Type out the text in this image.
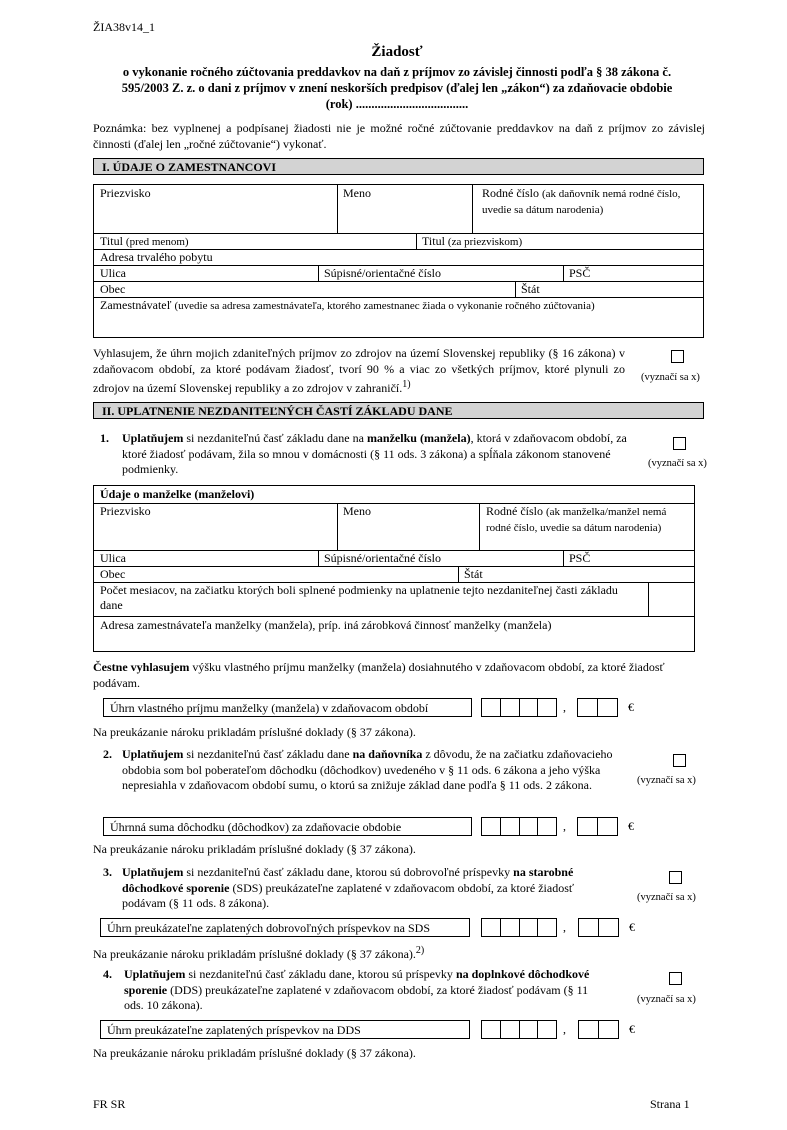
ŽIA38v14_1
Žiadosť
o vykonanie ročného zúčtovania preddavkov na daň z príjmov zo závislej činnosti podľa § 38 zákona č.
595/2003 Z. z. o dani z príjmov v znení neskorších predpisov (ďalej len „zákon“) za zdaňovacie obdobie
(rok) ....................................
Poznámka: bez vyplnenej a podpísanej žiadosti nie je možné ročné zúčtovanie preddavkov na daň z príjmov zo závislej činnosti (ďalej len „ročné zúčtovanie“) vykonať.
I. ÚDAJE O ZAMESTNANCOVI
Priezvisko	Meno	Rodné číslo (ak daňovník nemá rodné číslo, uvedie sa dátum narodenia)
Titul (pred menom)	Titul (za priezviskom)
Adresa trvalého pobytu
Ulica	Súpisné/orientačné číslo	PSČ
Obec	Štát
Zamestnávateľ (uvedie sa adresa zamestnávateľa, ktorého zamestnanec žiada o vykonanie ročného zúčtovania)
Vyhlasujem, že úhrn mojich zdaniteľných príjmov zo zdrojov na území Slovenskej republiky (§ 16 zákona) v zdaňovacom období, za ktoré podávam žiadosť, tvorí 90 % a viac zo všetkých príjmov, ktoré plynuli zo zdrojov na území Slovenskej republiky a zo zdrojov v zahraničí.$^{1)}$
(vyznačí sa x)
II. UPLATNENIE NEZDANITEĽNÝCH ČASTÍ ZÁKLADU DANE
1.	Uplatňujem si nezdaniteľnú časť základu dane na manželku (manžela), ktorá v zdaňovacom období, za ktoré žiadosť podávam, žila so mnou v domácnosti (§ 11 ods. 3 zákona) a spĺňala zákonom stanovené podmienky.	(vyznačí sa x)
Údaje o manželke (manželovi)
Priezvisko	Meno	Rodné číslo (ak manželka/manžel nemá rodné číslo, uvedie sa dátum narodenia)
Ulica	Súpisné/orientačné číslo	PSČ
Obec	Štát
Počet mesiacov, na začiatku ktorých boli splnené podmienky na uplatnenie tejto nezdaniteľnej časti základu dane
Adresa zamestnávateľa manželky (manžela), príp. iná zárobková činnosť manželky (manžela)
Čestne vyhlasujem výšku vlastného príjmu manželky (manžela) dosiahnutého v zdaňovacom období, za ktoré žiadosť podávam.
Úhrn vlastného príjmu manželky (manžela) v zdaňovacom období	,	€
Na preukázanie nároku prikladám príslušné doklady (§ 37 zákona).
2. Uplatňujem si nezdaniteľnú časť základu dane na daňovníka z dôvodu, že na začiatku zdaňovacieho obdobia som bol poberateľom dôchodku (dôchodkov) uvedeného v § 11 ods. 6 zákona a jeho výška nepresiahla v zdaňovacom období sumu, o ktorú sa znižuje základ dane podľa § 11 ods. 2 zákona.	(vyznačí sa x)
Úhrnná suma dôchodku (dôchodkov) za zdaňovacie obdobie	,	€
Na preukázanie nároku prikladám príslušné doklady (§ 37 zákona).
3. Uplatňujem si nezdaniteľnú časť základu dane, ktorou sú dobrovoľné príspevky na starobné dôchodkové sporenie (SDS) preukázateľne zaplatené v zdaňovacom období, za ktoré žiadosť podávam (§ 11 ods. 8 zákona).	(vyznačí sa x)
Úhrn preukázateľne zaplatených dobrovoľných príspevkov na SDS	,	€
Na preukázanie nároku prikladám príslušné doklady (§ 37 zákona).$^{2)}$
4.	Uplatňujem si nezdaniteľnú časť základu dane, ktorou sú príspevky na doplnkové dôchodkové sporenie (DDS) preukázateľne zaplatené v zdaňovacom období, za ktoré žiadosť podávam (§ 11 ods. 10 zákona).	(vyznačí sa x)
Úhrn preukázateľne zaplatených príspevkov na DDS	,	€
Na preukázanie nároku prikladám príslušné doklady (§ 37 zákona).
FR SR	Strana 1
